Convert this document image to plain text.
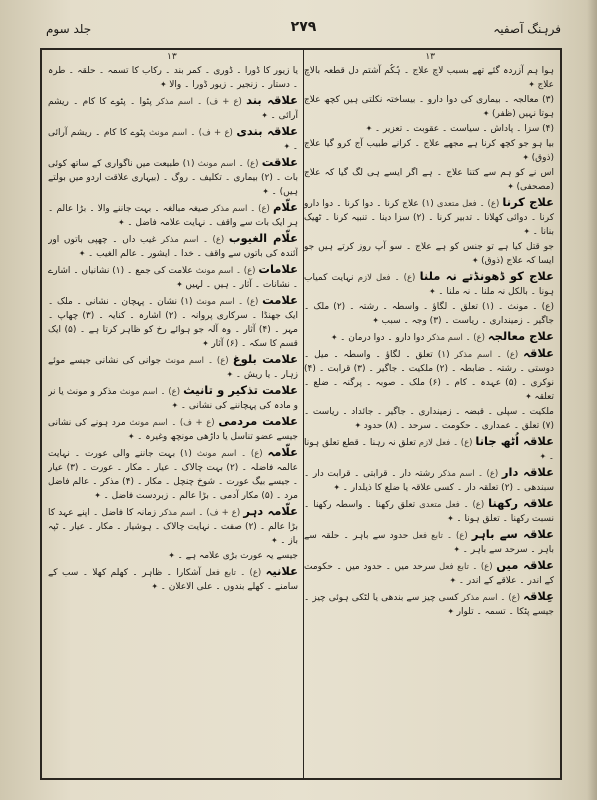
فرہنگ آصفیہ
۲۷۹
جلد سوم
۱۳
۱۳

ہوا ہم آزردہ گئے تھے بسبب لاچ علاج ۔ ہُکُم آشتم دل قطعہ بالاچ علاج ✦

(۳) معالجہ ۔ بیماری کی دوا دارو ۔ بیساختہ نکلتی ہیں کچھ علاج ہوتا نہیں (ظفر) ✦

(۴) سزا ۔ پاداش ۔ سیاست ۔ عقوبت ۔ تعزیر ۔ ✦

بیا ہو جو کچھ کرنا ہے مجھے علاج ۔ کرانے طبیب آج کرو گیا علاج (ذوق) ✦

اس نے کو ہم سے کتنا علاج ۔ ہے اگر ایسے ہی لگ گیا کہ علاج (مصحفی) ✦

علاج کرنا (ع) ۔ فعل متعدی (۱) علاج کرنا ۔ دوا کرنا ۔ دوا دارو کرنا ۔ دوائی کھلانا ۔ تدبیر کرنا ۔ (۲) سزا دینا ۔ تنبیہ کرنا ۔ ٹھیک بنانا ۔ ✦

جو قتل کیا ہے تو جنس کو ہے علاج ۔ سو آپ روز کرتے ہیں جو ایسا کہ علاج (ذوق) ✦

علاج کو ڈھونڈتے نہ ملنا (ع) ۔ فعل لازم نہایت کمیاب ہونا ۔ بالکل نہ ملنا ۔ نہ ملنا ۔ ✦

(ع) ۔ مونث ۔ (۱) تعلق ۔ لگاؤ ۔ واسطہ ۔ رشتہ ۔ (۲) ملک ۔ جاگیر ۔ زمینداری ۔ ریاست ۔ (۳) وجہ ۔ سبب ✦

علاج معالجہ (ع) ۔ اسم مذکر دوا دارو ۔ دوا درمان ۔ ✦

علاقہ (ع) ۔ اسم مذکر (۱) تعلق ۔ لگاؤ ۔ واسطہ ۔ میل ۔ دوستی ۔ رشتہ ۔ ضابطہ ۔ (۲) ملکیت ۔ جاگیر ۔ (۳) قرابت ۔ (۴) نوکری ۔ (۵) عہدہ ۔ کام ۔ (۶) ملک ۔ صوبہ ۔ پرگنہ ۔ ضلع ۔ تعلقہ ✦

ملکیت ۔ سپلی ۔ قبضہ ۔ زمینداری ۔ جاگیر ۔ جائداد ۔ ریاست ۔ (۷) تعلق ۔ عمداری ۔ حکومت ۔ سرحد ۔ (۸) حدود ✦

علاقہ اُٹھ جانا (ع) ۔ فعل لازم تعلق نہ رہنا ۔ قطع تعلق ہونا ۔ ✦

علاقہ دار (ع) ۔ اسم مذکر رشتہ دار ۔ قرابتی ۔ قرابت دار ۔ سبندھی ۔ (۲) تعلقہ دار ۔ کسی علاقہ یا ضلع کا ذیلدار ۔ ✦

علاقہ رکھنا (ع) ۔ فعل متعدی تعلق رکھنا ۔ واسطہ رکھنا ۔ نسبت رکھنا ۔ تعلق ہونا ۔ ✦

علاقہ سے باہر (ع) ۔ تابع فعل حدود سے باہر ۔ حلقہ سے باہر ۔ سرحد سے باہر ۔ ✦

علاقہ میں (ع) ۔ تابع فعل سرحد میں ۔ حدود میں ۔ حکومت کے اندر ۔ علاقے کے اندر ۔ ✦

عِلاقہ (ع) ۔ اسم مذکر کسی چیز سے بندھی یا لٹکی ہوئی چیز ۔ جیسے پٹکا ۔ تسمہ ۔ تلوار ✦

یا زیور کا ڈورا ۔ ڈوری ۔ کمر بند ۔ رکاب کا تسمہ ۔ حلقہ ۔ طرہ ۔ دستار ۔ زنجیر ۔ زیور ڈورا ۔ والا ✦

علاقہ بند (ع + ف) ۔ اسم مذکر پٹوا ۔ پٹوے کا کام ۔ ریشم آرائی ۔ ✦

علاقہ بندی (ع + ف) ۔ اسم مونث پٹوے کا کام ۔ ریشم آرائی ۔ ✦

علاقت (ع) ۔ اسم مونث (۱) طبیعت میں ناگواری کے ساتھ کوئی بات ۔ (۲) بیماری ۔ تکلیف ۔ روگ ۔ (بیہاری علاقت اردو میں بولتے ہیں) ۔ ✦

علّام (ع) ۔ اسم مذکر صیغہ مبالغہ ۔ بہت جاننے والا ۔ بڑا عالم ۔ ہر ایک بات سے واقف ۔ نہایت علامہ فاضل ۔ ✦

علّام الغیوب (ع) ۔ اسم مذکر غیب داں ۔ چھپی باتوں اور آئندہ کی باتوں سے واقف ۔ خدا ۔ ایشور ۔ عالم الغیب ۔ ✦

علامات (ع) ۔ اسم مونث علامت کی جمع ۔ (۱) نشانیاں ۔ اشارے ۔ نشانات ۔ آثار ۔ ہیں ۔ لہیں ✦

علامت (ع) ۔ اسم مونث (۱) نشان ۔ پہچان ۔ نشانی ۔ ملک ۔ ایک جھنڈا ۔ سرکاری پروانہ ۔ (۲) اشارہ ۔ کنایہ ۔ (۳) چھاپ ۔ مہر ۔ (۴) آثار ۔ وہ آلہ جو ہوائے رخ کو ظاہر کرتا ہے ۔ (۵) ایک قسم کا سکہ ۔ (۶) آثار ✦

علامت بلوغ (ع) ۔ اسم مونث جوانی کی نشانی جیسے موئے زہار ۔ یا ریش ۔ ✦

علامت تذکیر و تانیث (ع) ۔ اسم مونث مذکر و مونث یا نر و مادہ کی پہچاننے کی نشانی ۔ ✦

علامت مردمی (ع + ف) ۔ اسم مونث مرد ہونے کی نشانی جیسے عضو تناسل یا داڑھی مونچھ وغیرہ ۔ ✦

علّامہ (ع) ۔ اسم مونث (۱) بہت جاننے والی عورت ۔ نہایت عالمہ فاضلہ ۔ (۲) بہت چالاک ۔ عیار ۔ مکار ۔ عورت ۔ (۳) عیار ۔ جیسے بیگ عورت ۔ شوخ چنچل ۔ مکار ۔ (۴) مذکر ۔ عالم فاضل مرد ۔ (۵) مکار آدمی ۔ بڑا عالم ۔ زبردست فاضل ۔ ✦

علّامہ دہر (ع + ف) ۔ اسم مذکر زمانہ کا فاضل ۔ اپنے عہد کا بڑا عالم ۔ (۲) صفت ۔ نہایت چالاک ۔ ہوشیار ۔ مکار ۔ عیار ۔ ٹپہ باز ۔ ✦

جیسے یہ عورت بڑی علامہ ہے ۔ ✦

علانیہ (ع) ۔ تابع فعل آشکارا ۔ ظاہر ۔ کھلم کھلا ۔ سب کے سامنے ۔ کھلے بندوں ۔ علی الاعلان ۔ ✦
